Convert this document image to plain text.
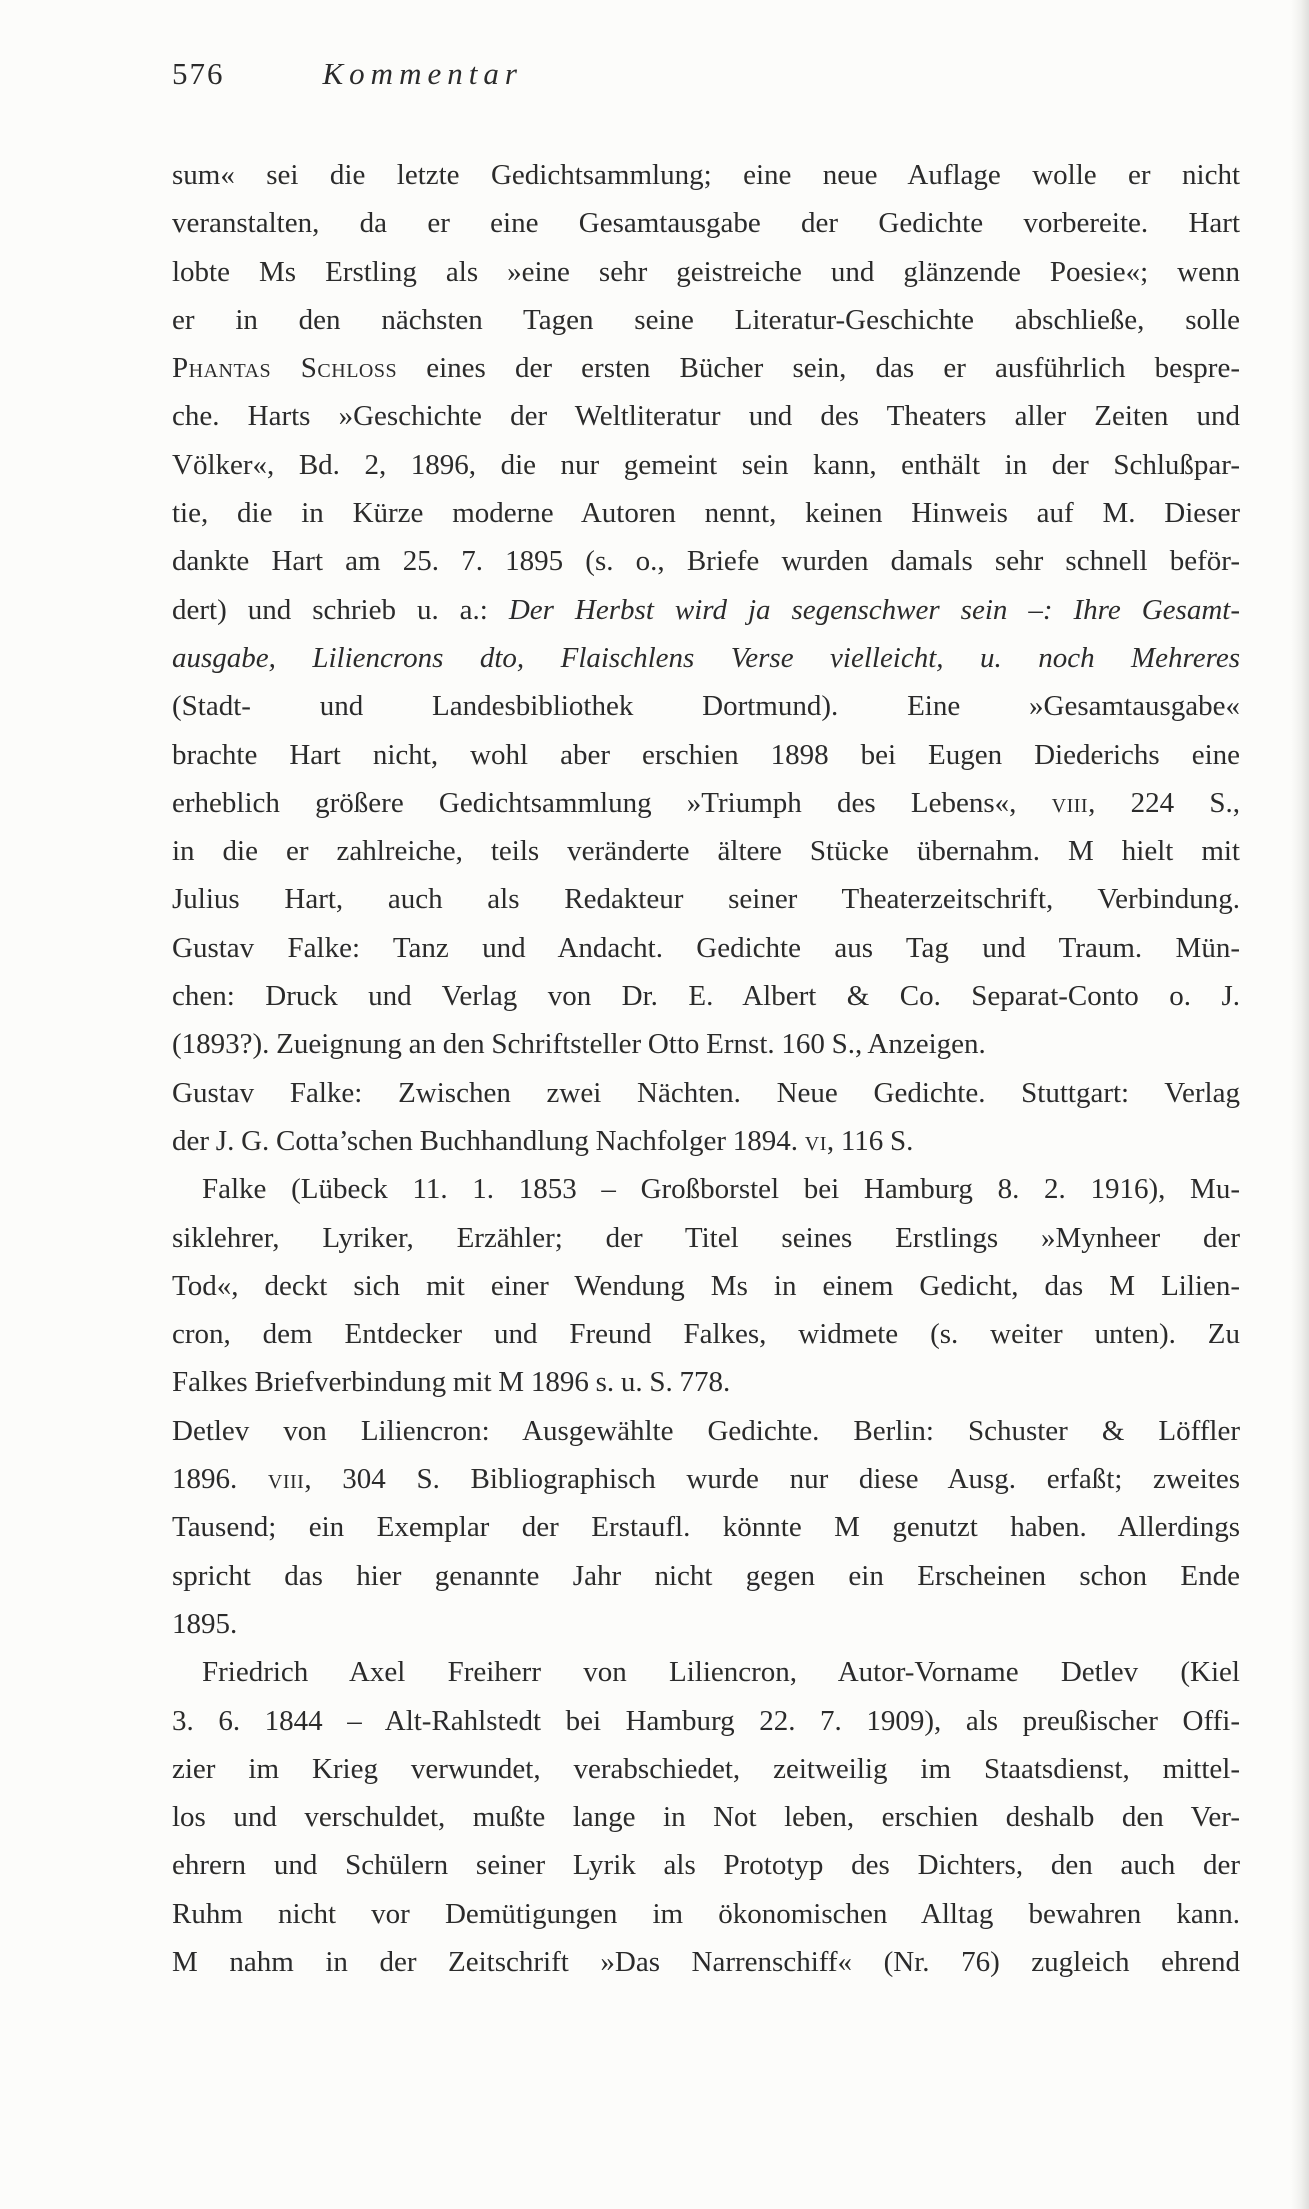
576	Kommentar
sum« sei die letzte Gedichtsammlung; eine neue Auflage wolle er nicht
veranstalten, da er eine Gesamtausgabe der Gedichte vorbereite. Hart
lobte Ms Erstling als »eine sehr geistreiche und glänzende Poesie«; wenn
er in den nächsten Tagen seine Literatur-Geschichte abschließe, solle
Phantas Schloss eines der ersten Bücher sein, das er ausführlich bespre-
che. Harts »Geschichte der Weltliteratur und des Theaters aller Zeiten und
Völker«, Bd. 2, 1896, die nur gemeint sein kann, enthält in der Schlußpar-
tie, die in Kürze moderne Autoren nennt, keinen Hinweis auf M. Dieser
dankte Hart am 25. 7. 1895 (s. o., Briefe wurden damals sehr schnell beför-
dert) und schrieb u. a.: Der Herbst wird ja segenschwer sein –: Ihre Gesamt-
ausgabe, Liliencrons dto, Flaischlens Verse vielleicht, u. noch Mehreres
(Stadt- und Landesbibliothek Dortmund). Eine »Gesamtausgabe«
brachte Hart nicht, wohl aber erschien 1898 bei Eugen Diederichs eine
erheblich größere Gedichtsammlung »Triumph des Lebens«, viii, 224 S.,
in die er zahlreiche, teils veränderte ältere Stücke übernahm. M hielt mit
Julius Hart, auch als Redakteur seiner Theaterzeitschrift, Verbindung.
Gustav Falke: Tanz und Andacht. Gedichte aus Tag und Traum. Mün-
chen: Druck und Verlag von Dr. E. Albert & Co. Separat-Conto o. J.
(1893?). Zueignung an den Schriftsteller Otto Ernst. 160 S., Anzeigen.
Gustav Falke: Zwischen zwei Nächten. Neue Gedichte. Stuttgart: Verlag
der J. G. Cotta’schen Buchhandlung Nachfolger 1894. vi, 116 S.
Falke (Lübeck 11. 1. 1853 – Großborstel bei Hamburg 8. 2. 1916), Mu-
siklehrer, Lyriker, Erzähler; der Titel seines Erstlings »Mynheer der
Tod«, deckt sich mit einer Wendung Ms in einem Gedicht, das M Lilien-
cron, dem Entdecker und Freund Falkes, widmete (s. weiter unten). Zu
Falkes Briefverbindung mit M 1896 s. u. S. 778.
Detlev von Liliencron: Ausgewählte Gedichte. Berlin: Schuster & Löffler
1896. viii, 304 S. Bibliographisch wurde nur diese Ausg. erfaßt; zweites
Tausend; ein Exemplar der Erstaufl. könnte M genutzt haben. Allerdings
spricht das hier genannte Jahr nicht gegen ein Erscheinen schon Ende
1895.
Friedrich Axel Freiherr von Liliencron, Autor-Vorname Detlev (Kiel
3. 6. 1844 – Alt-Rahlstedt bei Hamburg 22. 7. 1909), als preußischer Offi-
zier im Krieg verwundet, verabschiedet, zeitweilig im Staatsdienst, mittel-
los und verschuldet, mußte lange in Not leben, erschien deshalb den Ver-
ehrern und Schülern seiner Lyrik als Prototyp des Dichters, den auch der
Ruhm nicht vor Demütigungen im ökonomischen Alltag bewahren kann.
M nahm in der Zeitschrift »Das Narrenschiff« (Nr. 76) zugleich ehrend
